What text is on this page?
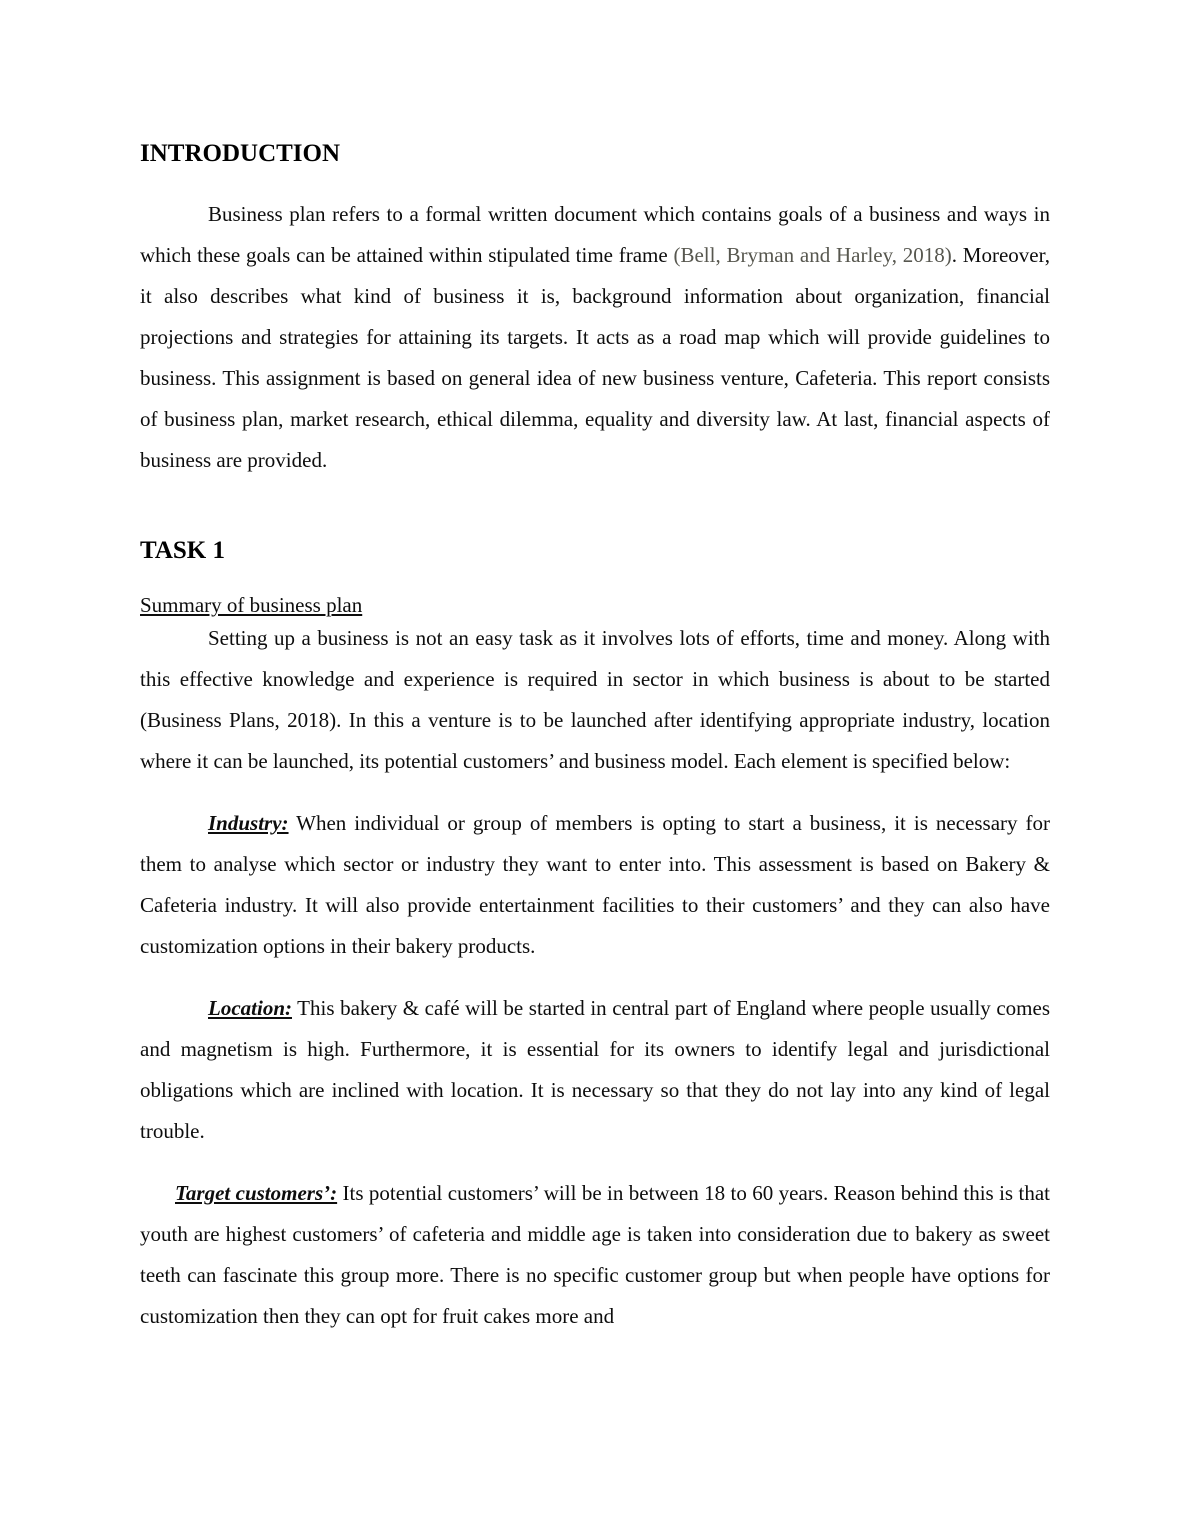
INTRODUCTION

Business plan refers to a formal written document which contains goals of a business and ways in which these goals can be attained within stipulated time frame (Bell, Bryman and Harley, 2018). Moreover, it also describes what kind of business it is, background information about organization, financial projections and strategies for attaining its targets. It acts as a road map which will provide guidelines to business. This assignment is based on general idea of new business venture, Cafeteria. This report consists of business plan, market research, ethical dilemma, equality and diversity law. At last, financial aspects of business are provided.

TASK 1
Summary of business plan

Setting up a business is not an easy task as it involves lots of efforts, time and money. Along with this effective knowledge and experience is required in sector in which business is about to be started (Business Plans, 2018). In this a venture is to be launched after identifying appropriate industry, location where it can be launched, its potential customers’ and business model. Each element is specified below:

Industry: When individual or group of members is opting to start a business, it is necessary for them to analyse which sector or industry they want to enter into. This assessment is based on Bakery & Cafeteria industry. It will also provide entertainment facilities to their customers’ and they can also have customization options in their bakery products.

Location: This bakery & café will be started in central part of England where people usually comes and magnetism is high. Furthermore, it is essential for its owners to identify legal and jurisdictional obligations which are inclined with location. It is necessary so that they do not lay into any kind of legal trouble.

Target customers’: Its potential customers’ will be in between 18 to 60 years. Reason behind this is that youth are highest customers’ of cafeteria and middle age is taken into consideration due to bakery as sweet teeth can fascinate this group more. There is no specific customer group but when people have options for customization then they can opt for fruit cakes more and
